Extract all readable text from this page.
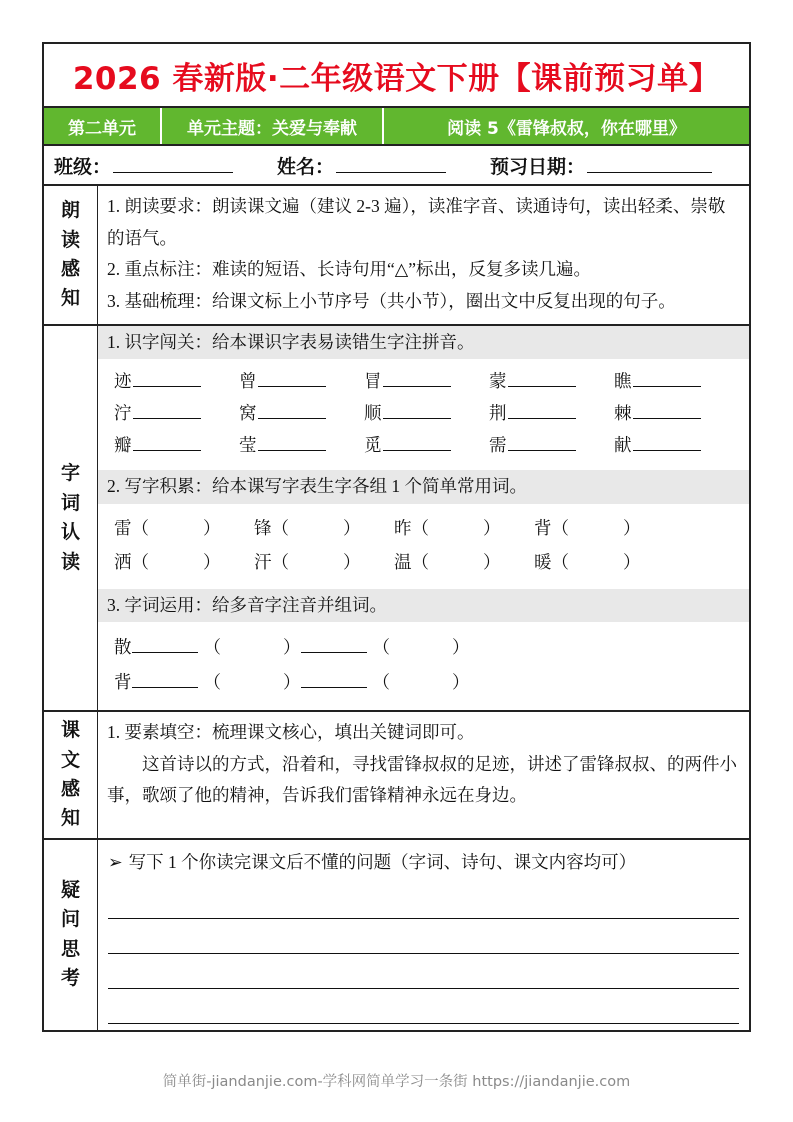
2026 春新版·二年级语文下册【课前预习单】
第二单元	单元主题：关爱与奉献	阅读 5《雷锋叔叔，你在哪里》
班级：	姓名：	预习日期：
朗
读
感
知
1. 朗读要求：朗读课文遍（建议 2-3 遍），读准字音、读通诗句，读出轻柔、崇敬的语气。
2. 重点标注：难读的短语、长诗句用“△”标出，反复多读几遍。
3. 基础梳理：给课文标上小节序号（共小节），圈出文中反复出现的句子。
字
词
认
读
1. 识字闯关：给本课识字表易读错生字注拼音。
迹	曾	冒	蒙	瞧
泞	窝	顺	荆	棘
瓣	莹	觅	需	献
2. 写字积累：给本课写字表生字各组 1 个简单常用词。
雷（	）	锋（	）	昨（	）	背（	）
洒（	）	汗（	）	温（	）	暖（	）
3. 字词运用：给多音字注音并组词。
散	（	）	（	）
背	（	）	（	）
课
文
感
知
1. 要素填空：梳理课文核心，填出关键词即可。
这首诗以的方式，沿着和，寻找雷锋叔叔的足迹，讲述了雷锋叔叔、的两件小事，歌颂了他的精神，告诉我们雷锋精神永远在身边。
疑
问
思
考
➢ 写下 1 个你读完课文后不懂的问题（字词、诗句、课文内容均可）
简单街-jiandanjie.com-学科网简单学习一条街 https://jiandanjie.com
